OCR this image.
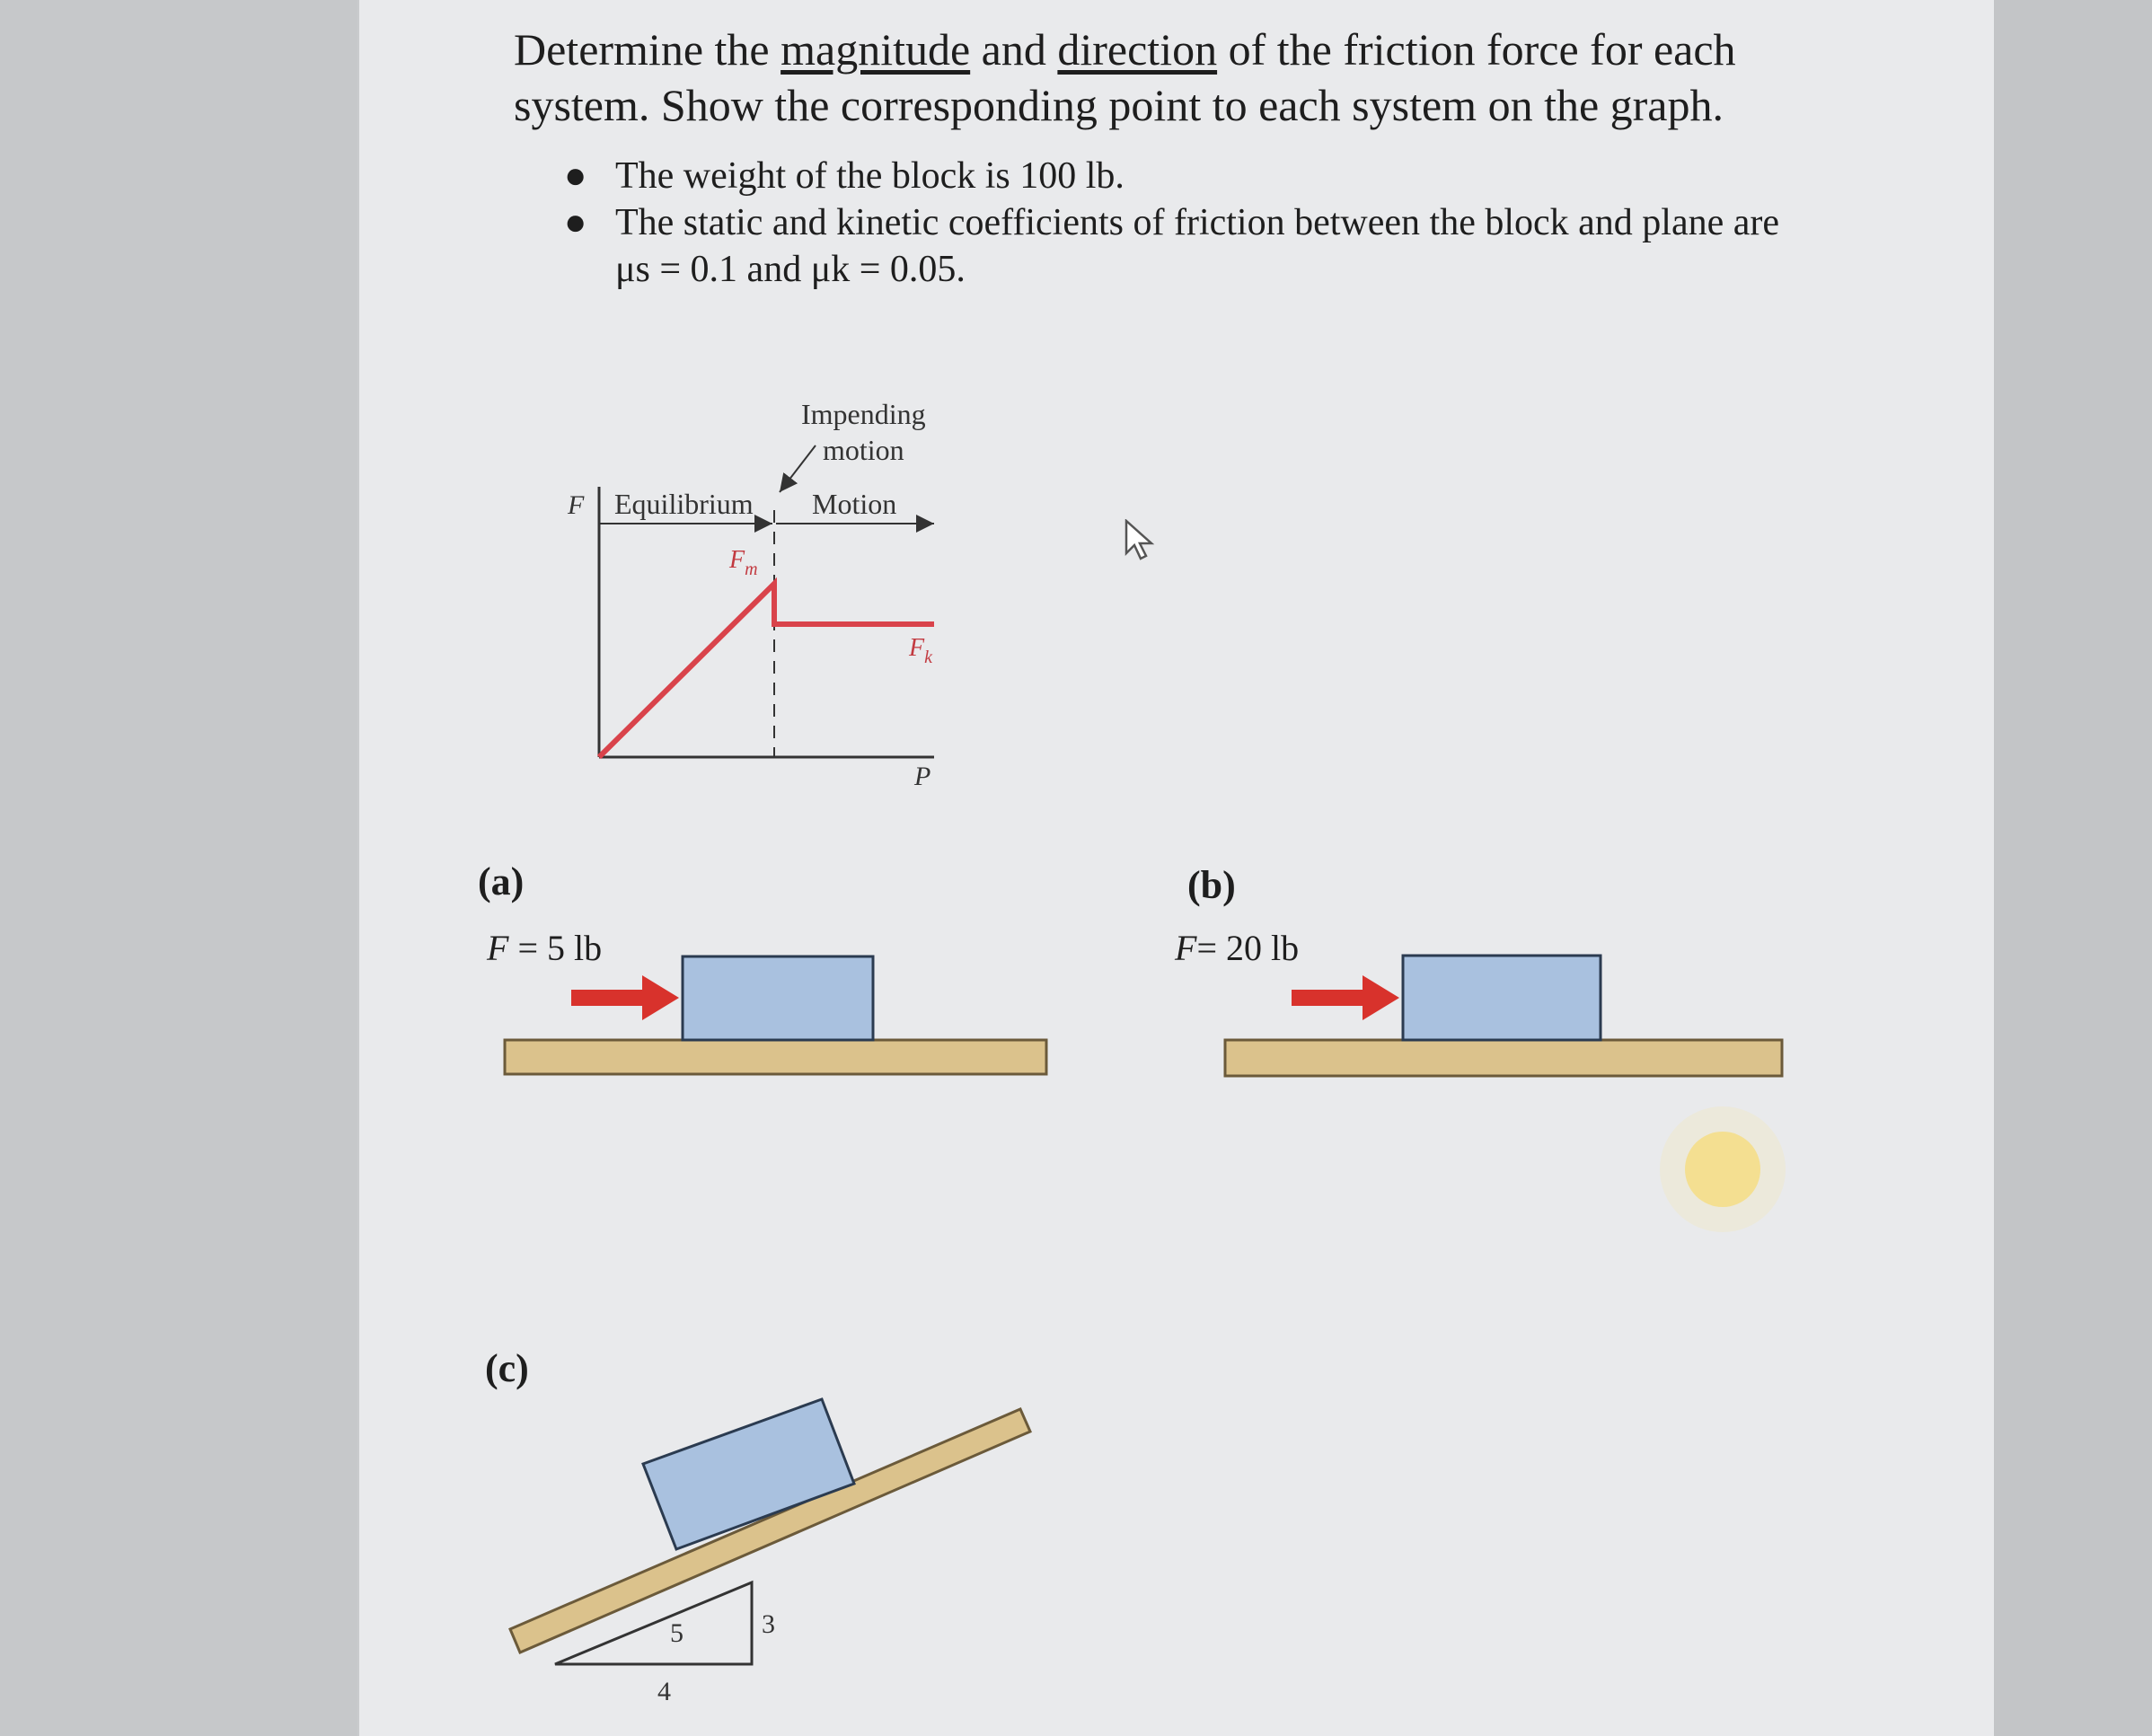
Determine the magnitude and direction of the friction force for each system. Show the corresponding point to each system on the graph.

● The weight of the block is 100 lb.
● The static and kinetic coefficients of friction between the block and plane are μs = 0.1 and μk = 0.05.
F
P
Equilibrium Motion
Impending
motion
$F_m$
$F_k$
5	3
4
(a)	(b)
(c)
F = 5 lb	F= 20 lb
